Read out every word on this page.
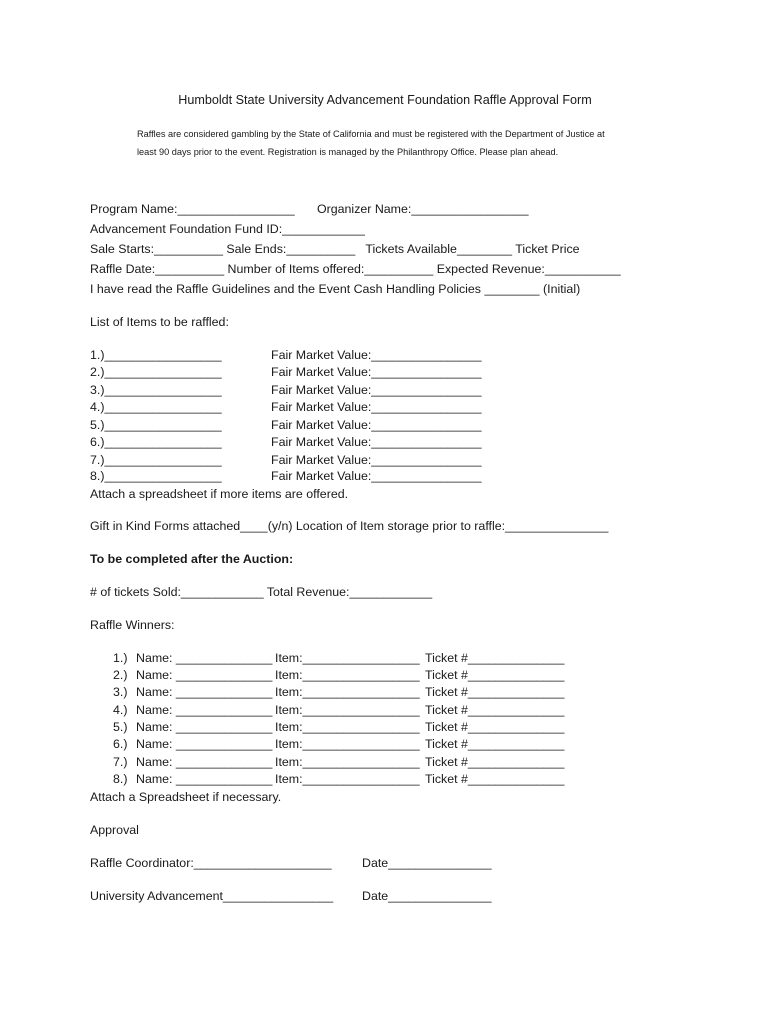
Humboldt State University Advancement Foundation Raffle Approval Form
Raffles are considered gambling by the State of California and must be registered with the Department of Justice at
least 90 days prior to the event. Registration is managed by the Philanthropy Office. Please plan ahead.
Program Name:_________________ Organizer Name:_________________
Advancement Foundation Fund ID:____________
Sale Starts:__________ Sale Ends:__________   Tickets Available________ Ticket Price
Raffle Date:__________ Number of Items offered:__________ Expected Revenue:___________
I have read the Raffle Guidelines and the Event Cash Handling Policies ________ (Initial)
List of Items to be raffled:
1.)_________________	Fair Market Value:________________
2.)_________________	Fair Market Value:________________
3.)_________________	Fair Market Value:________________
4.)_________________	Fair Market Value:________________
5.)_________________	Fair Market Value:________________
6.)_________________	Fair Market Value:________________
7.)_________________	Fair Market Value:________________
8.)_________________	Fair Market Value:________________
Attach a spreadsheet if more items are offered.
Gift in Kind Forms attached____(y/n) Location of Item storage prior to raffle:_______________
To be completed after the Auction:
# of tickets Sold:____________ Total Revenue:____________
Raffle Winners:
1.) Name: ______________ Item:_________________ Ticket #______________
2.) Name: ______________ Item:_________________ Ticket #______________
3.) Name: ______________ Item:_________________ Ticket #______________
4.) Name: ______________ Item:_________________ Ticket #______________
5.) Name: ______________ Item:_________________ Ticket #______________
6.) Name: ______________ Item:_________________ Ticket #______________
7.) Name: ______________ Item:_________________ Ticket #______________
8.) Name: ______________ Item:_________________ Ticket #______________
Attach a Spreadsheet if necessary.
Approval
Raffle Coordinator:____________________ Date_______________
University Advancement________________ Date_______________
